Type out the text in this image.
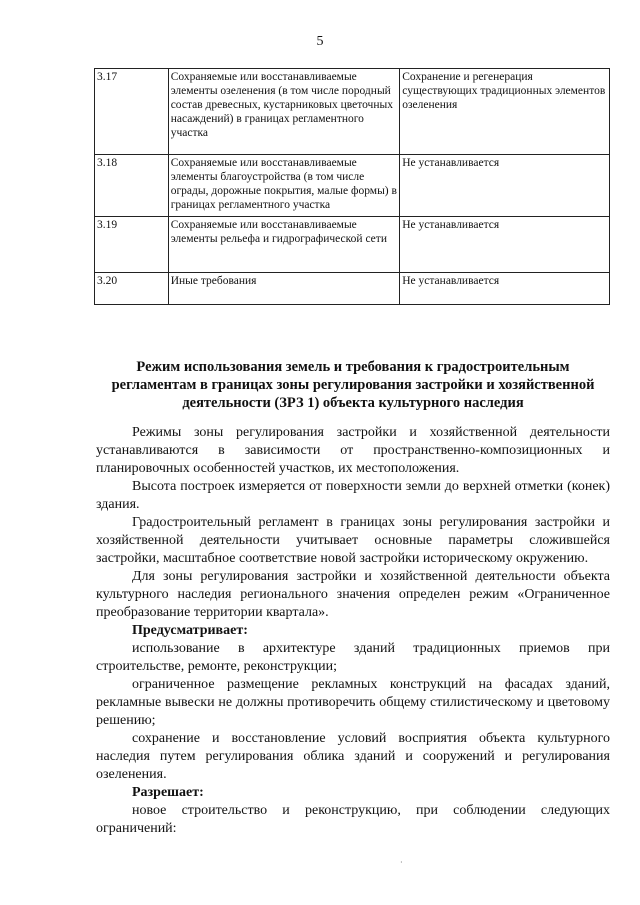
5
3.17	Сохраняемые или восстанавливаемые элементы озеленения (в том числе породный состав древесных, кустарниковых цветочных насаждений) в границах регламентного участка	Сохранение и регенерация существующих традиционных элементов озеленения
3.18	Сохраняемые или восстанавливаемые элементы благоустройства (в том числе ограды, дорожные покрытия, малые формы) в границах регламентного участка	Не устанавливается
3.19	Сохраняемые или восстанавливаемые элементы рельефа и гидрографической сети	Не устанавливается
3.20	Иные требования	Не устанавливается
Режим использования земель и требования к градостроительным регламентам в границах зоны регулирования застройки и хозяйственной деятельности (ЗРЗ 1) объекта культурного наследия

Режимы зоны регулирования застройки и хозяйственной деятельности устанавливаются в зависимости от пространственно-композиционных и планировочных особенностей участков, их местоположения.

Высота построек измеряется от поверхности земли до верхней отметки (конек) здания.

Градостроительный регламент в границах зоны регулирования застройки и хозяйственной деятельности учитывает основные параметры сложившейся застройки, масштабное соответствие новой застройки историческому окружению.

Для зоны регулирования застройки и хозяйственной деятельности объекта культурного наследия регионального значения определен режим «Ограниченное преобразование территории квартала».

Предусматривает:

использование в архитектуре зданий традиционных приемов при строительстве, ремонте, реконструкции;

ограниченное размещение рекламных конструкций на фасадах зданий, рекламные вывески не должны противоречить общему стилистическому и цветовому решению;

сохранение и восстановление условий восприятия объекта культурного наследия путем регулирования облика зданий и сооружений и регулирования озеленения.

Разрешает:

новое строительство и реконструкцию, при соблюдении следующих ограничений:

·
